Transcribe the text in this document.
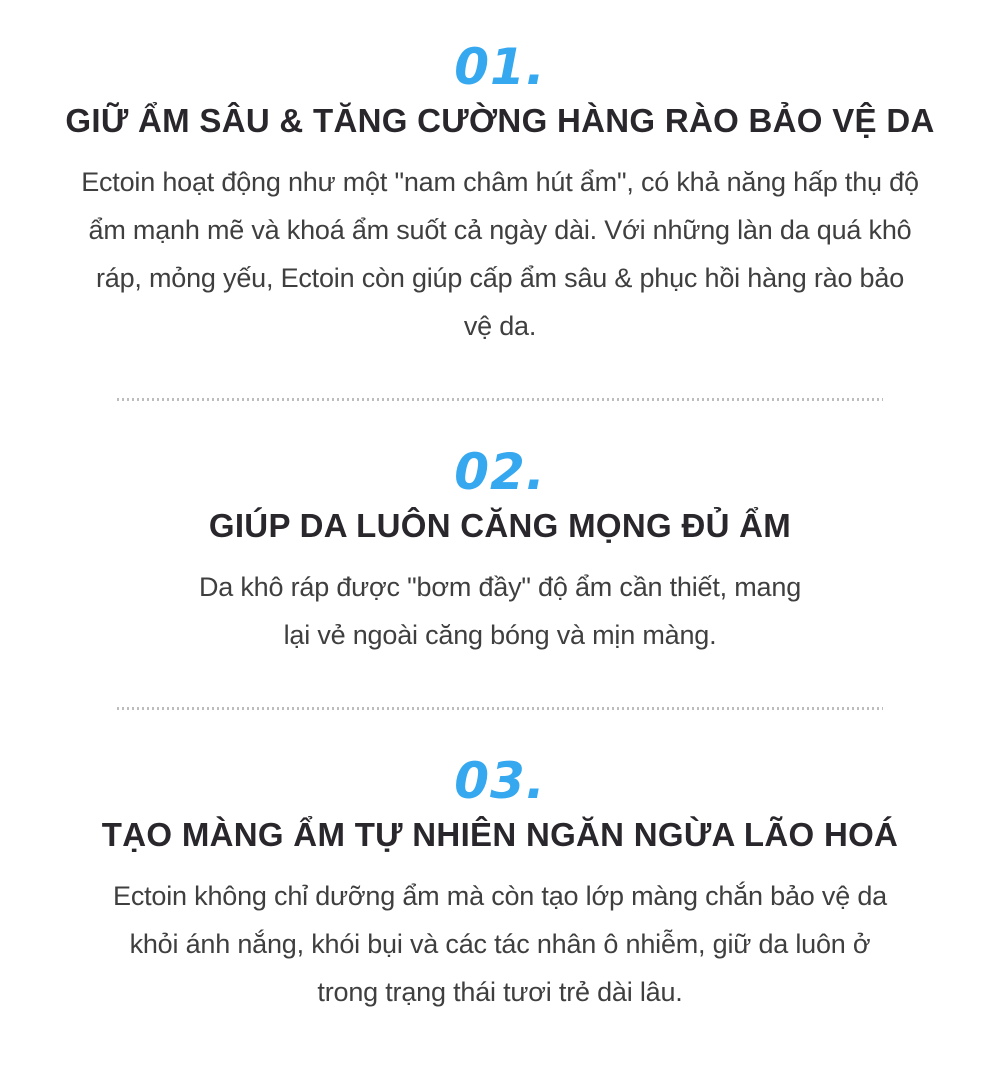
01.
GIỮ ẨM SÂU & TĂNG CƯỜNG HÀNG RÀO BẢO VỆ DA

Ectoin hoạt động như một "nam châm hút ẩm", có khả năng hấp thụ độ ẩm mạnh mẽ và khoá ẩm suốt cả ngày dài. Với những làn da quá khô ráp, mỏng yếu, Ectoin còn giúp cấp ẩm sâu & phục hồi hàng rào bảo vệ da.

02.
GIÚP DA LUÔN CĂNG MỌNG ĐỦ ẨM

Da khô ráp được "bơm đầy" độ ẩm cần thiết, mang lại vẻ ngoài căng bóng và mịn màng.

03.
TẠO MÀNG ẨM TỰ NHIÊN NGĂN NGỪA LÃO HOÁ

Ectoin không chỉ dưỡng ẩm mà còn tạo lớp màng chắn bảo vệ da khỏi ánh nắng, khói bụi và các tác nhân ô nhiễm, giữ da luôn ở trong trạng thái tươi trẻ dài lâu.
